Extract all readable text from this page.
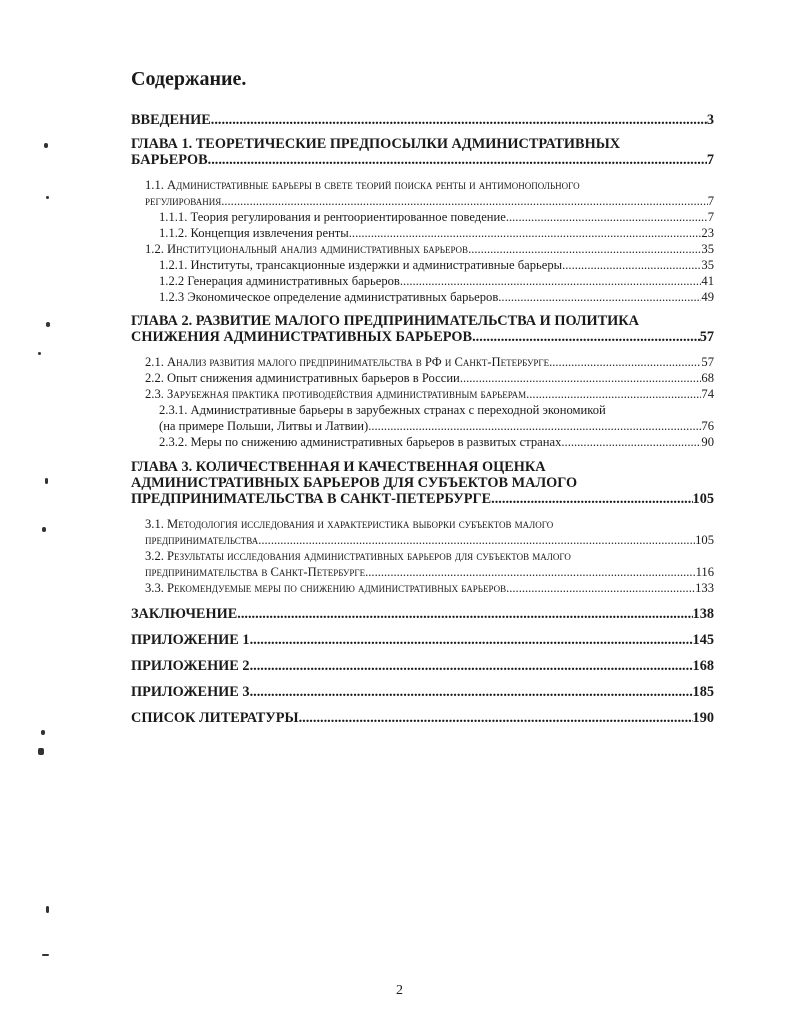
Содержание.
ВВЕДЕНИЕ .....	3
ГЛАВА 1. ТЕОРЕТИЧЕСКИЕ ПРЕДПОСЫЛКИ АДМИНИСТРАТИВНЫХ
БАРЬЕРОВ .....	7
1.1. Административные барьеры в свете теорий поиска ренты и антимонопольного
регулирования. .....	7
1.1.1. Теория регулирования и рентоориентированное поведение. .....	7
1.1.2. Концепция извлечения ренты .....	23
1.2. Институциональный анализ административных барьеров. .....	35
1.2.1. Институты, трансакционные издержки и административные барьеры .....	35
1.2.2 Генерация административных барьеров .....	41
1.2.3 Экономическое определение административных барьеров .....	49
ГЛАВА 2. РАЗВИТИЕ МАЛОГО ПРЕДПРИНИМАТЕЛЬСТВА И ПОЛИТИКА
СНИЖЕНИЯ АДМИНИСТРАТИВНЫХ БАРЬЕРОВ .....	57
2.1. Анализ развития малого предпринимательства в РФ и Санкт-Петербурге .....	57
2.2. Опыт снижения административных барьеров в России .....	68
2.3. Зарубежная практика противодействия административным барьерам .....	74
2.3.1. Административные барьеры в зарубежных странах с переходной экономикой
(на примере Польши, Литвы и Латвии) .....	76
2.3.2. Меры по снижению административных барьеров в развитых странах .....	90
ГЛАВА 3. КОЛИЧЕСТВЕННАЯ И КАЧЕСТВЕННАЯ ОЦЕНКА
АДМИНИСТРАТИВНЫХ БАРЬЕРОВ ДЛЯ СУБЪЕКТОВ МАЛОГО
ПРЕДПРИНИМАТЕЛЬСТВА В САНКТ-ПЕТЕРБУРГЕ .....	105
3.1. Методология исследования и характеристика выборки субъектов малого
предпринимательства. .....	105
3.2. Результаты исследования административных барьеров для субъектов малого
предпринимательства в Санкт-Петербурге. .....	116
3.3. Рекомендуемые меры по снижению административных барьеров .....	133
ЗАКЛЮЧЕНИЕ .....	138
ПРИЛОЖЕНИЕ 1. .....	145
ПРИЛОЖЕНИЕ 2. .....	168
ПРИЛОЖЕНИЕ 3. .....	185
СПИСОК ЛИТЕРАТУРЫ. .....	190
2
